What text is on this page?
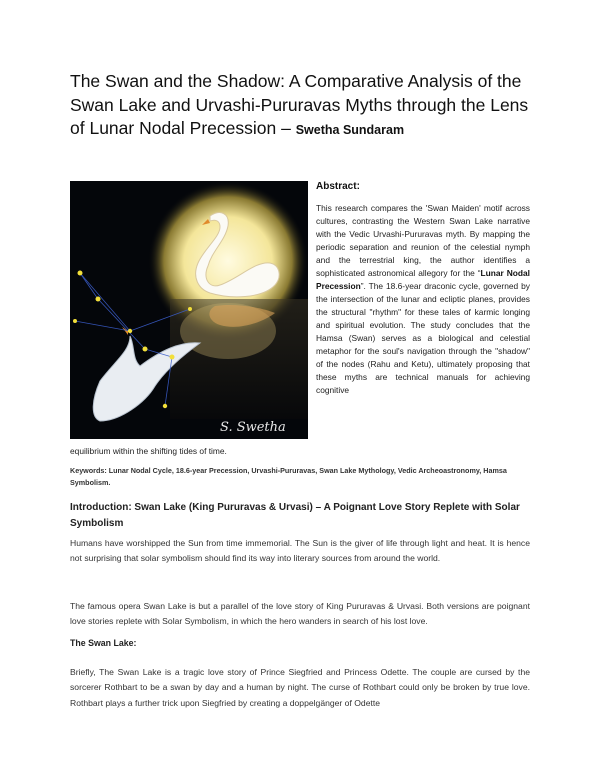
The Swan and the Shadow: A Comparative Analysis of the Swan Lake and Urvashi-Pururavas Myths through the Lens of Lunar Nodal Precession – Swetha Sundaram
S. Swetha
Abstract:
This research compares the 'Swan Maiden' motif across cultures, contrasting the Western Swan Lake narrative with the Vedic Urvashi-Pururavas myth. By mapping the periodic separation and reunion of the celestial nymph and the terrestrial king, the author identifies a sophisticated astronomical allegory for the “Lunar Nodal Precession”. The 18.6-year draconic cycle, governed by the intersection of the lunar and ecliptic planes, provides the structural "rhythm" for these tales of karmic longing and spiritual evolution. The study concludes that the Hamsa (Swan) serves as a biological and celestial metaphor for the soul's navigation through the "shadow" of the nodes (Rahu and Ketu), ultimately proposing that these myths are technical manuals for achieving cognitive
equilibrium within the shifting tides of time.
Keywords: Lunar Nodal Cycle, 18.6-year Precession, Urvashi-Pururavas, Swan Lake Mythology, Vedic Archeoastronomy, Hamsa Symbolism.
Introduction: Swan Lake (King Pururavas & Urvasi) – A Poignant Love Story Replete with Solar Symbolism
Humans have worshipped the Sun from time immemorial. The Sun is the giver of life through light and heat. It is hence not surprising that solar symbolism should find its way into literary sources from around the world.
The famous opera Swan Lake is but a parallel of the love story of King Pururavas & Urvasi. Both versions are poignant love stories replete with Solar Symbolism, in which the hero wanders in search of his lost love.
The Swan Lake:
Briefly, The Swan Lake is a tragic love story of Prince Siegfried and Princess Odette. The couple are cursed by the sorcerer Rothbart to be a swan by day and a human by night. The curse of Rothbart could only be broken by true love. Rothbart plays a further trick upon Siegfried by creating a doppelgänger of Odette
